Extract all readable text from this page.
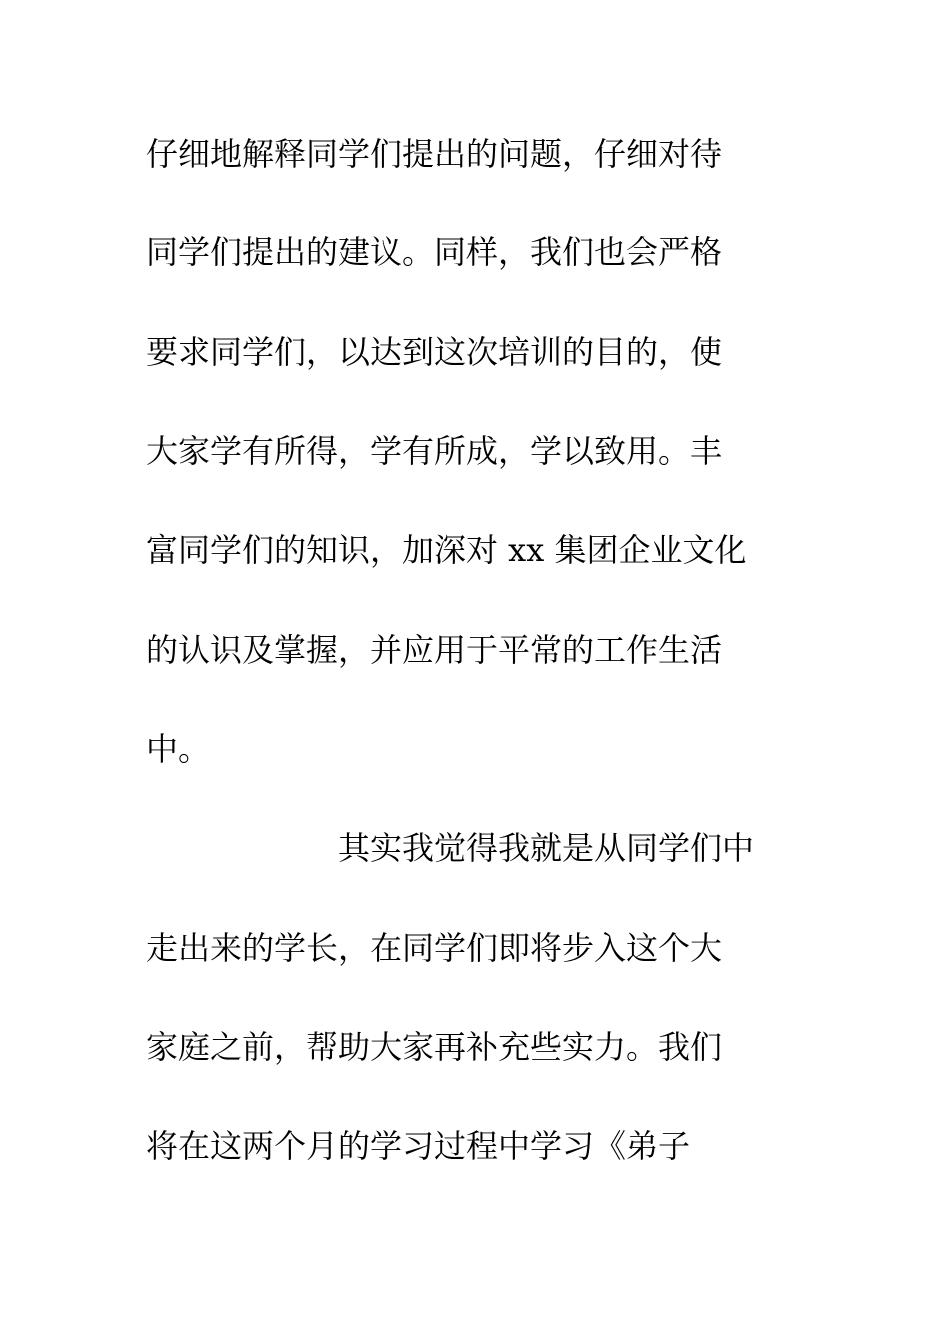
仔细地解释同学们提出的问题，仔细对待
同学们提出的建议。同样，我们也会严格
要求同学们，以达到这次培训的目的，使
大家学有所得，学有所成，学以致用。丰
富同学们的知识，加深对 xx 集团企业文化
的认识及掌握，并应用于平常的工作生活
中。
其实我觉得我就是从同学们中
走出来的学长，在同学们即将步入这个大
家庭之前，帮助大家再补充些实力。我们
将在这两个月的学习过程中学习《弟子
